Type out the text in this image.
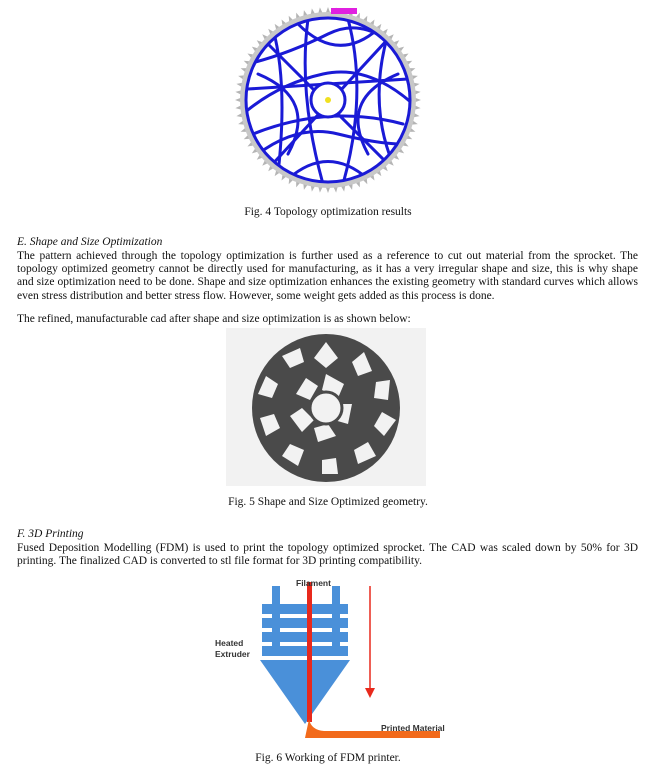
Fig. 4 Topology optimization results
E. Shape and Size Optimization
The pattern achieved through the topology optimization is further used as a reference to cut out material from the sprocket. The topology optimized geometry cannot be directly used for manufacturing, as it has a very irregular shape and size, this is why shape and size optimization need to be done. Shape and size optimization enhances the existing geometry with standard curves which allows even stress distribution and better stress flow. However, some weight gets added as this process is done.
The refined, manufacturable cad after shape and size optimization is as shown below:
Fig. 5 Shape and Size Optimized geometry.
F. 3D Printing
Fused Deposition Modelling (FDM) is used to print the topology optimized sprocket. The CAD was scaled down by 50% for 3D printing. The finalized CAD is converted to stl file format for 3D printing compatibility.
Filament
Heated
Extruder
Printed Material
Fig. 6 Working of FDM printer.
